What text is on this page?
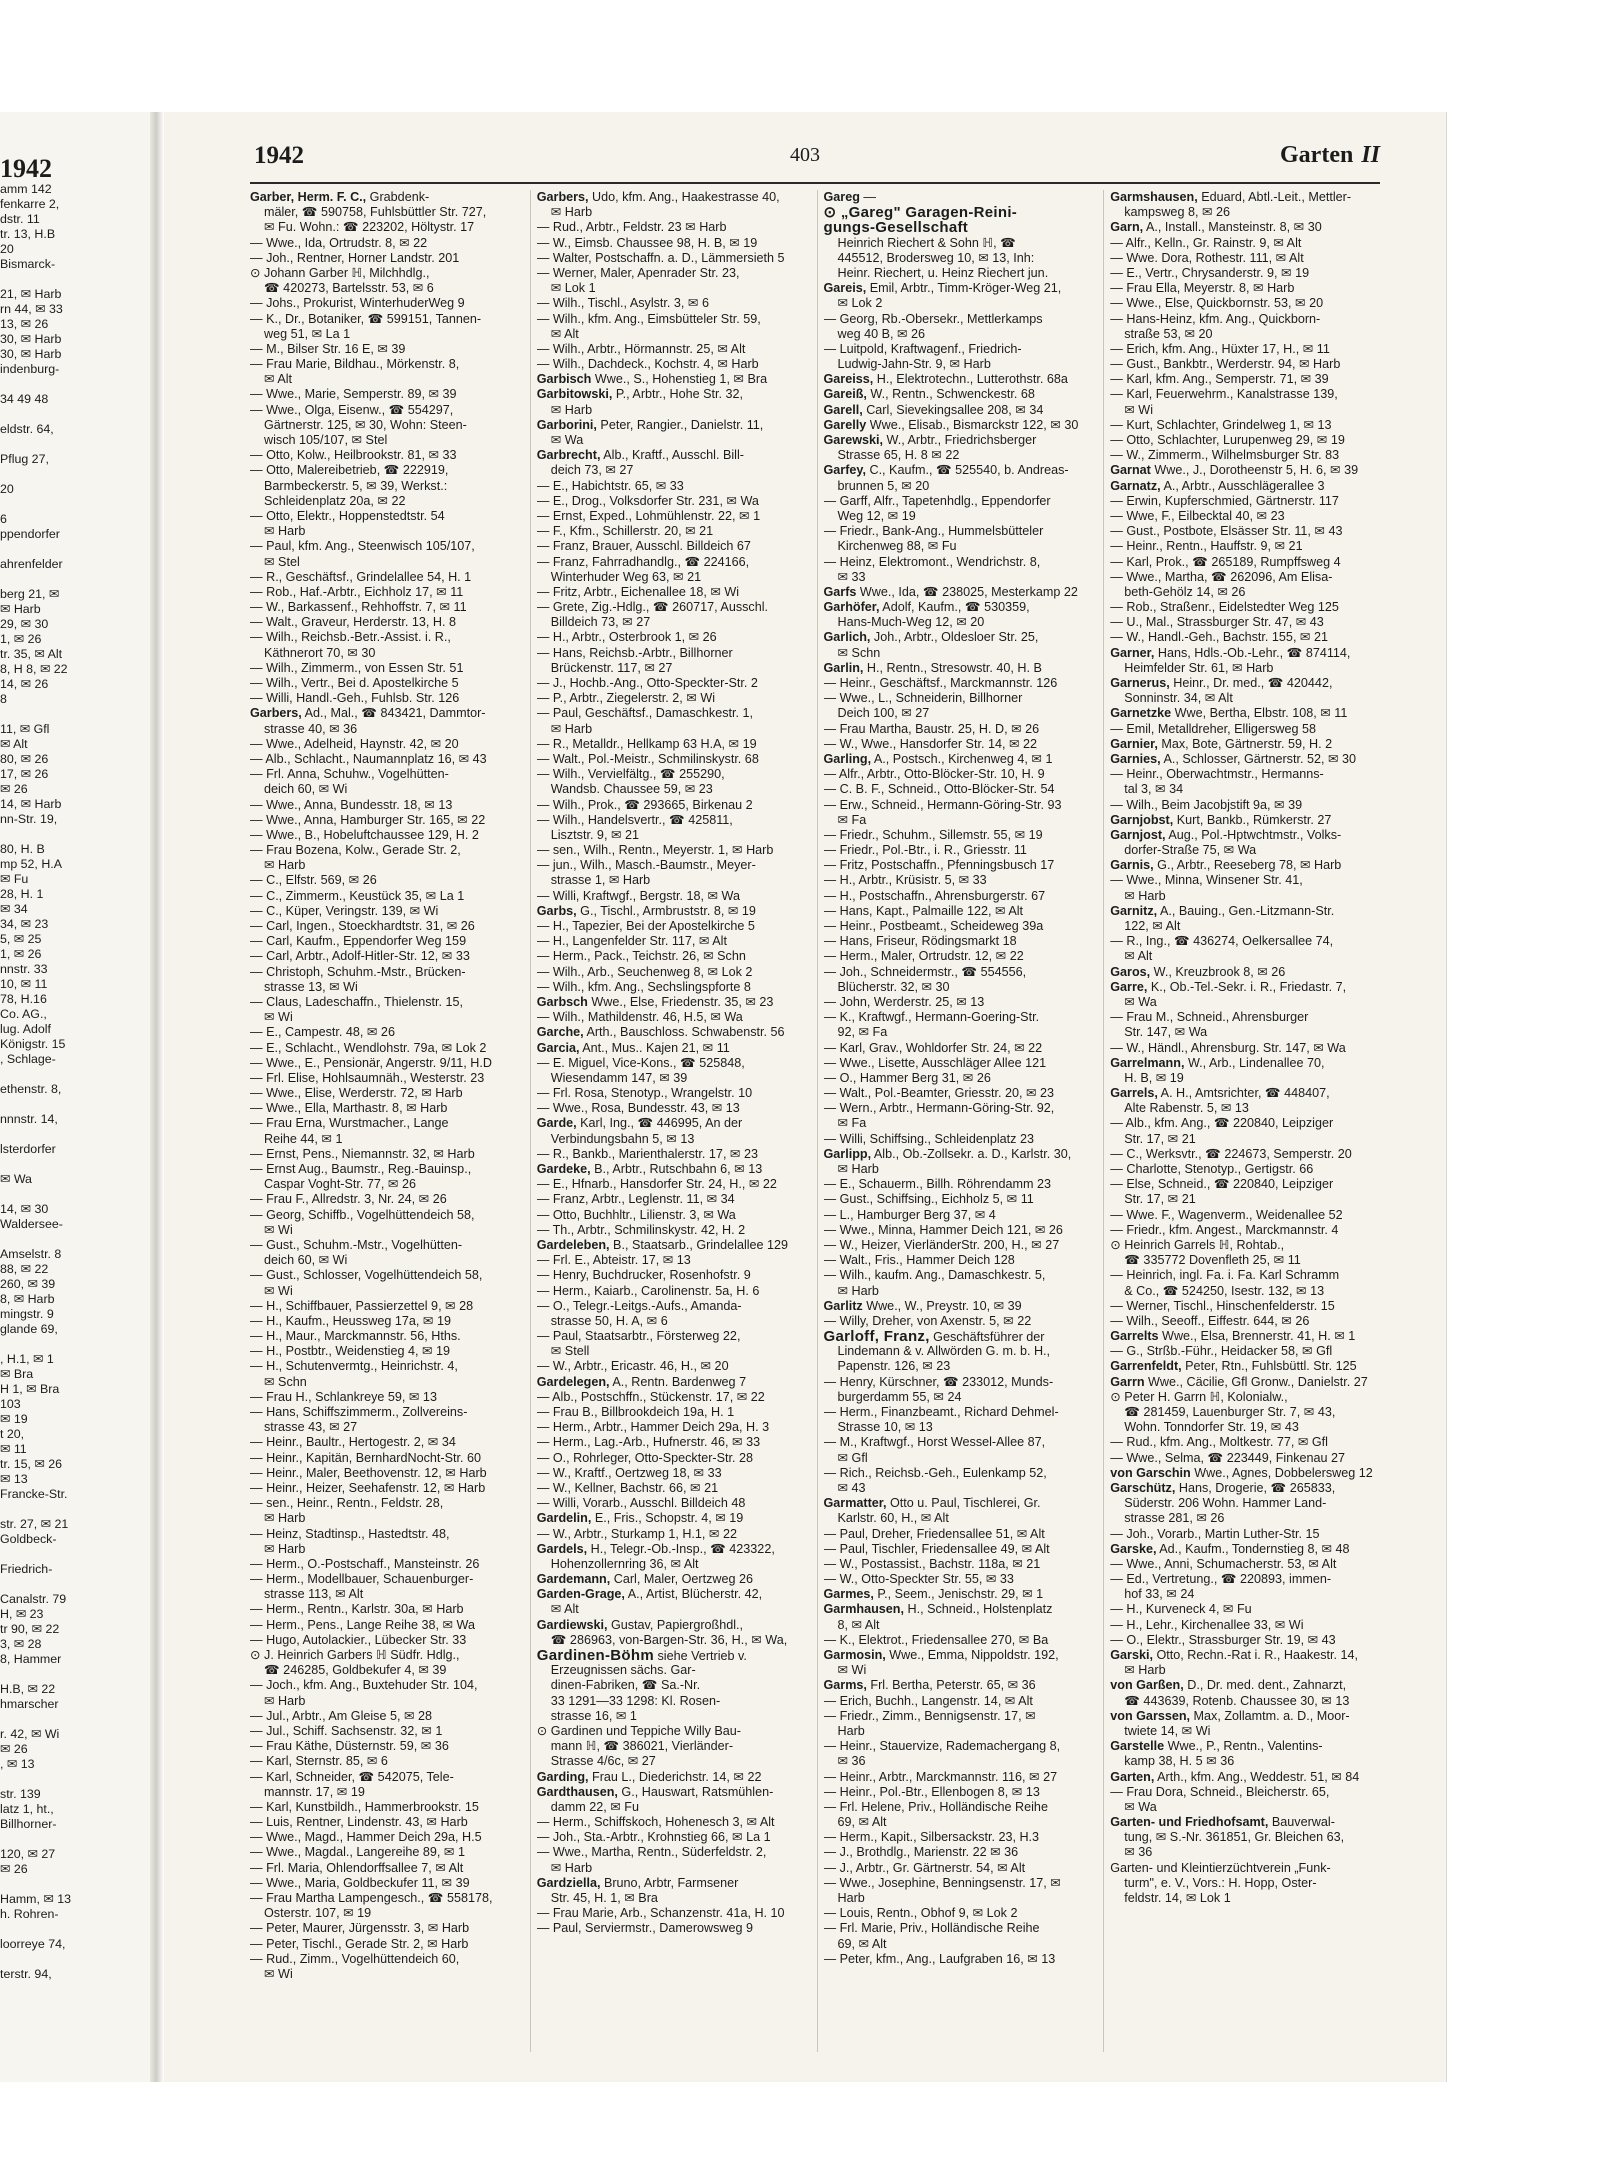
1942
amm 142
fenkarre 2,
dstr. 11
tr. 13, H.B
20
Bismarck-
21, ✉ Harb
rn 44, ✉ 33
13, ✉ 26
30, ✉ Harb
30, ✉ Harb
indenburg-
34 49 48
eldstr. 64,
Pflug 27,
20
6
ppendorfer
ahrenfelder
berg 21, ✉
✉ Harb
29, ✉ 30
1, ✉ 26
tr. 35, ✉ Alt
8, H 8, ✉ 22
14, ✉ 26
8
11, ✉ Gfl
✉ Alt
80, ✉ 26
17, ✉ 26
✉ 26
14, ✉ Harb
nn-Str. 19,
80, H. B
mp 52, H.A
✉ Fu
28, H. 1
✉ 34
34, ✉ 23
5, ✉ 25
1, ✉ 26
nnstr. 33
10, ✉ 11
78, H.16
Co. AG.,
lug. Adolf
Königstr. 15
, Schlage-
ethenstr. 8,
nnnstr. 14,
lsterdorfer
✉ Wa
14, ✉ 30
Waldersee-
Amselstr. 8
88, ✉ 22
260, ✉ 39
8, ✉ Harb
mingstr. 9
glande 69,
, H.1, ✉ 1
✉ Bra
H 1, ✉ Bra
103
✉ 19
t 20,
✉ 11
tr. 15, ✉ 26
✉ 13
Francke-Str.
str. 27, ✉ 21
Goldbeck-
Friedrich-
Canalstr. 79
H, ✉ 23
tr 90, ✉ 22
3, ✉ 28
8, Hammer
H.B, ✉ 22
hmarscher
r. 42, ✉ Wi
✉ 26
, ✉ 13
str. 139
latz 1, ht.,
Billhorner-
120, ✉ 27
✉ 26
Hamm, ✉ 13
h. Rohren-
loorreye 74,
terstr. 94,
1942	403	Garten II
Garber, Herm. F. C., Grabdenk-
mäler, ☎ 590758, Fuhlsbüttler Str. 727,
✉ Fu. Wohn.: ☎ 223202, Höltystr. 17
— Wwe., Ida, Ortrudstr. 8, ✉ 22
— Joh., Rentner, Horner Landstr. 201
⊙ Johann Garber ℍ, Milchhdlg.,
☎ 420273, Bartelsstr. 53, ✉ 6
— Johs., Prokurist, WinterhuderWeg 9
— K., Dr., Botaniker, ☎ 599151, Tannen-
weg 51, ✉ La 1
— M., Bilser Str. 16 E, ✉ 39
— Frau Marie, Bildhau., Mörkenstr. 8,
✉ Alt
— Wwe., Marie, Semperstr. 89, ✉ 39
— Wwe., Olga, Eisenw., ☎ 554297,
Gärtnerstr. 125, ✉ 30, Wohn: Steen-
wisch 105/107, ✉ Stel
— Otto, Kolw., Heilbrookstr. 81, ✉ 33
— Otto, Malereibetrieb, ☎ 222919,
Barmbeckerstr. 5, ✉ 39, Werkst.:
Schleidenplatz 20a, ✉ 22
— Otto, Elektr., Hoppenstedtstr. 54
✉ Harb
— Paul, kfm. Ang., Steenwisch 105/107,
✉ Stel
— R., Geschäftsf., Grindelallee 54, H. 1
— Rob., Haf.-Arbtr., Eichholz 17, ✉ 11
— W., Barkassenf., Rehhoffstr. 7, ✉ 11
— Walt., Graveur, Herderstr. 13, H. 8
— Wilh., Reichsb.-Betr.-Assist. i. R.,
Käthnerort 70, ✉ 30
— Wilh., Zimmerm., von Essen Str. 51
— Wilh., Vertr., Bei d. Apostelkirche 5
— Willi, Handl.-Geh., Fuhlsb. Str. 126
Garbers, Ad., Mal., ☎ 843421, Dammtor-
strasse 40, ✉ 36
— Wwe., Adelheid, Haynstr. 42, ✉ 20
— Alb., Schlacht., Naumannplatz 16, ✉ 43
— Frl. Anna, Schuhw., Vogelhütten-
deich 60, ✉ Wi
— Wwe., Anna, Bundesstr. 18, ✉ 13
— Wwe., Anna, Hamburger Str. 165, ✉ 22
— Wwe., B., Hobeluftchaussee 129, H. 2
— Frau Bozena, Kolw., Gerade Str. 2,
✉ Harb
— C., Elfstr. 569, ✉ 26
— C., Zimmerm., Keustück 35, ✉ La 1
— C., Küper, Veringstr. 139, ✉ Wi
— Carl, Ingen., Stoeckhardtstr. 31, ✉ 26
— Carl, Kaufm., Eppendorfer Weg 159
— Carl, Arbtr., Adolf-Hitler-Str. 12, ✉ 33
— Christoph, Schuhm.-Mstr., Brücken-
strasse 13, ✉ Wi
— Claus, Ladeschaffn., Thielenstr. 15,
✉ Wi
— E., Campestr. 48, ✉ 26
— E., Schlacht., Wendlohstr. 79a, ✉ Lok 2
— Wwe., E., Pensionär, Angerstr. 9/11, H.D
— Frl. Elise, Hohlsaumnäh., Westerstr. 23
— Wwe., Elise, Werderstr. 72, ✉ Harb
— Wwe., Ella, Marthastr. 8, ✉ Harb
— Frau Erna, Wurstmacher., Lange
Reihe 44, ✉ 1
— Ernst, Pens., Niemannstr. 32, ✉ Harb
— Ernst Aug., Baumstr., Reg.-Bauinsp.,
Caspar Voght-Str. 77, ✉ 26
— Frau F., Allredstr. 3, Nr. 24, ✉ 26
— Georg, Schiffb., Vogelhüttendeich 58,
✉ Wi
— Gust., Schuhm.-Mstr., Vogelhütten-
deich 60, ✉ Wi
— Gust., Schlosser, Vogelhüttendeich 58,
✉ Wi
— H., Schiffbauer, Passierzettel 9, ✉ 28
— H., Kaufm., Heussweg 17a, ✉ 19
— H., Maur., Marckmannstr. 56, Hths.
— H., Postbtr., Weidenstieg 4, ✉ 19
— H., Schutenvermtg., Heinrichstr. 4,
✉ Schn
— Frau H., Schlankreye 59, ✉ 13
— Hans, Schiffszimmerm., Zollvereins-
strasse 43, ✉ 27
— Heinr., Baultr., Hertogestr. 2, ✉ 34
— Heinr., Kapitän, BernhardNocht-Str. 60
— Heinr., Maler, Beethovenstr. 12, ✉ Harb
— Heinr., Heizer, Seehafenstr. 12, ✉ Harb
— sen., Heinr., Rentn., Feldstr. 28,
✉ Harb
— Heinz, Stadtinsp., Hastedtstr. 48,
✉ Harb
— Herm., O.-Postschaff., Mansteinstr. 26
— Herm., Modellbauer, Schauenburger-
strasse 113, ✉ Alt
— Herm., Rentn., Karlstr. 30a, ✉ Harb
— Herm., Pens., Lange Reihe 38, ✉ Wa
— Hugo, Autolackier., Lübecker Str. 33
⊙ J. Heinrich Garbers ℍ Südfr. Hdlg.,
☎ 246285, Goldbekufer 4, ✉ 39
— Joch., kfm. Ang., Buxtehuder Str. 104,
✉ Harb
— Jul., Arbtr., Am Gleise 5, ✉ 28
— Jul., Schiff. Sachsenstr. 32, ✉ 1
— Frau Käthe, Düsternstr. 59, ✉ 36
— Karl, Sternstr. 85, ✉ 6
— Karl, Schneider, ☎ 542075, Tele-
mannstr. 17, ✉ 19
— Karl, Kunstbildh., Hammerbrookstr. 15
— Luis, Rentner, Lindenstr. 43, ✉ Harb
— Wwe., Magd., Hammer Deich 29a, H.5
— Wwe., Magdal., Langereihe 89, ✉ 1
— Frl. Maria, Ohlendorffsallee 7, ✉ Alt
— Wwe., Maria, Goldbeckufer 11, ✉ 39
— Frau Martha Lampengesch., ☎ 558178,
Osterstr. 107, ✉ 19
— Peter, Maurer, Jürgensstr. 3, ✉ Harb
— Peter, Tischl., Gerade Str. 2, ✉ Harb
— Rud., Zimm., Vogelhüttendeich 60,
✉ Wi
Garbers, Udo, kfm. Ang., Haakestrasse 40,
✉ Harb
— Rud., Arbtr., Feldstr. 23 ✉ Harb
— W., Eimsb. Chaussee 98, H. B, ✉ 19
— Walter, Postschaffn. a. D., Lämmersieth 5
— Werner, Maler, Apenrader Str. 23,
✉ Lok 1
— Wilh., Tischl., Asylstr. 3, ✉ 6
— Wilh., kfm. Ang., Eimsbütteler Str. 59,
✉ Alt
— Wilh., Arbtr., Hörmannstr. 25, ✉ Alt
— Wilh., Dachdeck., Kochstr. 4, ✉ Harb
Garbisch Wwe., S., Hohenstieg 1, ✉ Bra
Garbitowski, P., Arbtr., Hohe Str. 32,
✉ Harb
Garborini, Peter, Rangier., Danielstr. 11,
✉ Wa
Garbrecht, Alb., Kraftf., Ausschl. Bill-
deich 73, ✉ 27
— E., Habichtstr. 65, ✉ 33
— E., Drog., Volksdorfer Str. 231, ✉ Wa
— Ernst, Exped., Lohmühlenstr. 22, ✉ 1
— F., Kfm., Schillerstr. 20, ✉ 21
— Franz, Brauer, Ausschl. Billdeich 67
— Franz, Fahrradhandlg., ☎ 224166,
Winterhuder Weg 63, ✉ 21
— Fritz, Arbtr., Eichenallee 18, ✉ Wi
— Grete, Zig.-Hdlg., ☎ 260717, Ausschl.
Billdeich 73, ✉ 27
— H., Arbtr., Osterbrook 1, ✉ 26
— Hans, Reichsb.-Arbtr., Billhorner
Brückenstr. 117, ✉ 27
— J., Hochb.-Ang., Otto-Speckter-Str. 2
— P., Arbtr., Ziegelerstr. 2, ✉ Wi
— Paul, Geschäftsf., Damaschkestr. 1,
✉ Harb
— R., Metalldr., Hellkamp 63 H.A, ✉ 19
— Walt., Pol.-Meistr., Schmilinskystr. 68
— Wilh., Vervielfältg., ☎ 255290,
Wandsb. Chaussee 59, ✉ 23
— Wilh., Prok., ☎ 293665, Birkenau 2
— Wilh., Handelsvertr., ☎ 425811,
Lisztstr. 9, ✉ 21
— sen., Wilh., Rentn., Meyerstr. 1, ✉ Harb
— jun., Wilh., Masch.-Baumstr., Meyer-
strasse 1, ✉ Harb
— Willi, Kraftwgf., Bergstr. 18, ✉ Wa
Garbs, G., Tischl., Armbruststr. 8, ✉ 19
— H., Tapezier, Bei der Apostelkirche 5
— H., Langenfelder Str. 117, ✉ Alt
— Herm., Pack., Teichstr. 26, ✉ Schn
— Wilh., Arb., Seuchenweg 8, ✉ Lok 2
— Wilh., kfm. Ang., Sechslingspforte 8
Garbsch Wwe., Else, Friedenstr. 35, ✉ 23
— Wilh., Mathildenstr. 46, H.5, ✉ Wa
Garche, Arth., Bauschloss. Schwabenstr. 56
Garcia, Ant., Mus.. Kajen 21, ✉ 11
— E. Miguel, Vice-Kons., ☎ 525848,
Wiesendamm 147, ✉ 39
— Frl. Rosa, Stenotyp., Wrangelstr. 10
— Wwe., Rosa, Bundesstr. 43, ✉ 13
Garde, Karl, Ing., ☎ 446995, An der
Verbindungsbahn 5, ✉ 13
— R., Bankb., Marienthalerstr. 17, ✉ 23
Gardeke, B., Arbtr., Rutschbahn 6, ✉ 13
— E., Hfnarb., Hansdorfer Str. 24, H., ✉ 22
— Franz, Arbtr., Leglenstr. 11, ✉ 34
— Otto, Buchhltr., Lilienstr. 3, ✉ Wa
— Th., Arbtr., Schmilinskystr. 42, H. 2
Gardeleben, B., Staatsarb., Grindelallee 129
— Frl. E., Abteistr. 17, ✉ 13
— Henry, Buchdrucker, Rosenhofstr. 9
— Herm., Kaiarb., Carolinenstr. 5a, H. 6
— O., Telegr.-Leitgs.-Aufs., Amanda-
strasse 50, H. A, ✉ 6
— Paul, Staatsarbtr., Försterweg 22,
✉ Stell
— W., Arbtr., Ericastr. 46, H., ✉ 20
Gardelegen, A., Rentn. Bardenweg 7
— Alb., Postschffn., Stückenstr. 17, ✉ 22
— Frau B., Billbrookdeich 19a, H. 1
— Herm., Arbtr., Hammer Deich 29a, H. 3
— Herm., Lag.-Arb., Hufnerstr. 46, ✉ 33
— O., Rohrleger, Otto-Speckter-Str. 28
— W., Kraftf., Oertzweg 18, ✉ 33
— W., Kellner, Bachstr. 66, ✉ 21
— Willi, Vorarb., Ausschl. Billdeich 48
Gardelin, E., Fris., Schopstr. 4, ✉ 19
— W., Arbtr., Sturkamp 1, H.1, ✉ 22
Gardels, H., Telegr.-Ob.-Insp., ☎ 423322,
Hohenzollernring 36, ✉ Alt
Gardemann, Carl, Maler, Oertzweg 26
Garden-Grage, A., Artist, Blücherstr. 42,
✉ Alt
Gardiewski, Gustav, Papiergroßhdl.,
☎ 286963, von-Bargen-Str. 36, H., ✉ Wa,
Gardinen-Böhm siehe Vertrieb v.
Erzeugnissen sächs. Gar-
dinen-Fabriken, ☎ Sa.-Nr.
33 1291—33 1298: Kl. Rosen-
strasse 16, ✉ 1
⊙ Gardinen und Teppiche Willy Bau-
mann ℍ, ☎ 386021, Vierländer-
Strasse 4/6c, ✉ 27
Garding, Frau L., Diederichstr. 14, ✉ 22
Gardthausen, G., Hauswart, Ratsmühlen-
damm 22, ✉ Fu
— Herm., Schiffskoch, Hohenesch 3, ✉ Alt
— Joh., Sta.-Arbtr., Krohnstieg 66, ✉ La 1
— Wwe., Martha, Rentn., Süderfeldstr. 2,
✉ Harb
Gardziella, Bruno, Arbtr, Farmsener
Str. 45, H. 1, ✉ Bra
— Frau Marie, Arb., Schanzenstr. 41a, H. 10
— Paul, Serviermstr., Damerowsweg 9
Gareg —
⊙ „Gareg" Garagen-Reini-
gungs-Gesellschaft
Heinrich Riechert & Sohn ℍ, ☎
445512, Brodersweg 10, ✉ 13, Inh:
Heinr. Riechert, u. Heinz Riechert jun.
Gareis, Emil, Arbtr., Timm-Kröger-Weg 21,
✉ Lok 2
— Georg, Rb.-Obersekr., Mettlerkamps
weg 40 B, ✉ 26
— Luitpold, Kraftwagenf., Friedrich-
Ludwig-Jahn-Str. 9, ✉ Harb
Gareiss, H., Elektrotechn., Lutterothstr. 68a
Gareiß, W., Rentn., Schwenckestr. 68
Garell, Carl, Sievekingsallee 208, ✉ 34
Garelly Wwe., Elisab., Bismarckstr 122, ✉ 30
Garewski, W., Arbtr., Friedrichsberger
Strasse 65, H. 8 ✉ 22
Garfey, C., Kaufm., ☎ 525540, b. Andreas-
brunnen 5, ✉ 20
— Garff, Alfr., Tapetenhdlg., Eppendorfer
Weg 12, ✉ 19
— Friedr., Bank-Ang., Hummelsbütteler
Kirchenweg 88, ✉ Fu
— Heinz, Elektromont., Wendrichstr. 8,
✉ 33
Garfs Wwe., Ida, ☎ 238025, Mesterkamp 22
Garhöfer, Adolf, Kaufm., ☎ 530359,
Hans-Much-Weg 12, ✉ 20
Garlich, Joh., Arbtr., Oldesloer Str. 25,
✉ Schn
Garlin, H., Rentn., Stresowstr. 40, H. B
— Heinr., Geschäftsf., Marckmannstr. 126
— Wwe., L., Schneiderin, Billhorner
Deich 100, ✉ 27
— Frau Martha, Baustr. 25, H. D, ✉ 26
— W., Wwe., Hansdorfer Str. 14, ✉ 22
Garling, A., Postsch., Kirchenweg 4, ✉ 1
— Alfr., Arbtr., Otto-Blöcker-Str. 10, H. 9
— C. B. F., Schneid., Otto-Blöcker-Str. 54
— Erw., Schneid., Hermann-Göring-Str. 93
✉ Fa
— Friedr., Schuhm., Sillemstr. 55, ✉ 19
— Friedr., Pol.-Btr., i. R., Griesstr. 11
— Fritz, Postschaffn., Pfenningsbusch 17
— H., Arbtr., Krüsistr. 5, ✉ 33
— H., Postschaffn., Ahrensburgerstr. 67
— Hans, Kapt., Palmaille 122, ✉ Alt
— Heinr., Postbeamt., Scheideweg 39a
— Hans, Friseur, Rödingsmarkt 18
— Herm., Maler, Ortrudstr. 12, ✉ 22
— Joh., Schneidermstr., ☎ 554556,
Blücherstr. 32, ✉ 30
— John, Werderstr. 25, ✉ 13
— K., Kraftwgf., Hermann-Goering-Str.
92, ✉ Fa
— Karl, Grav., Wohldorfer Str. 24, ✉ 22
— Wwe., Lisette, Ausschläger Allee 121
— O., Hammer Berg 31, ✉ 26
— Walt., Pol.-Beamter, Griesstr. 20, ✉ 23
— Wern., Arbtr., Hermann-Göring-Str. 92,
✉ Fa
— Willi, Schiffsing., Schleidenplatz 23
Garlipp, Alb., Ob.-Zollsekr. a. D., Karlstr. 30,
✉ Harb
— E., Schauerm., Billh. Röhrendamm 23
— Gust., Schiffsing., Eichholz 5, ✉ 11
— L., Hamburger Berg 37, ✉ 4
— Wwe., Minna, Hammer Deich 121, ✉ 26
— W., Heizer, VierländerStr. 200, H., ✉ 27
— Walt., Fris., Hammer Deich 128
— Wilh., kaufm. Ang., Damaschkestr. 5,
✉ Harb
Garlitz Wwe., W., Preystr. 10, ✉ 39
— Willy, Dreher, von Axenstr. 5, ✉ 22
Garloff, Franz, Geschäftsführer der
Lindemann & v. Allwörden G. m. b. H.,
Papenstr. 126, ✉ 23
— Henry, Kürschner, ☎ 233012, Munds-
burgerdamm 55, ✉ 24
— Herm., Finanzbeamt., Richard Dehmel-
Strasse 10, ✉ 13
— M., Kraftwgf., Horst Wessel-Allee 87,
✉ Gfl
— Rich., Reichsb.-Geh., Eulenkamp 52,
✉ 43
Garmatter, Otto u. Paul, Tischlerei, Gr.
Karlstr. 60, H., ✉ Alt
— Paul, Dreher, Friedensallee 51, ✉ Alt
— Paul, Tischler, Friedensallee 49, ✉ Alt
— W., Postassist., Bachstr. 118a, ✉ 21
— W., Otto-Speckter Str. 55, ✉ 33
Garmes, P., Seem., Jenischstr. 29, ✉ 1
Garmhausen, H., Schneid., Holstenplatz
8, ✉ Alt
— K., Elektrot., Friedensallee 270, ✉ Ba
Garmosin, Wwe., Emma, Nippoldstr. 192,
✉ Wi
Garms, Frl. Bertha, Peterstr. 65, ✉ 36
— Erich, Buchh., Langenstr. 14, ✉ Alt
— Friedr., Zimm., Bennigsenstr. 17, ✉
Harb
— Heinr., Stauervize, Rademachergang 8,
✉ 36
— Heinr., Arbtr., Marckmannstr. 116, ✉ 27
— Heinr., Pol.-Btr., Ellenbogen 8, ✉ 13
— Frl. Helene, Priv., Holländische Reihe
69, ✉ Alt
— Herm., Kapit., Silbersackstr. 23, H.3
— J., Brothdlg., Marienstr. 22 ✉ 36
— J., Arbtr., Gr. Gärtnerstr. 54, ✉ Alt
— Wwe., Josephine, Benningsenstr. 17, ✉
Harb
— Louis, Rentn., Obhof 9, ✉ Lok 2
— Frl. Marie, Priv., Holländische Reihe
69, ✉ Alt
— Peter, kfm., Ang., Laufgraben 16, ✉ 13
Garmshausen, Eduard, Abtl.-Leit., Mettler-
kampsweg 8, ✉ 26
Garn, A., Install., Mansteinstr. 8, ✉ 30
— Alfr., Kelln., Gr. Rainstr. 9, ✉ Alt
— Wwe. Dora, Rothestr. 111, ✉ Alt
— E., Vertr., Chrysanderstr. 9, ✉ 19
— Frau Ella, Meyerstr. 8, ✉ Harb
— Wwe., Else, Quickbornstr. 53, ✉ 20
— Hans-Heinz, kfm. Ang., Quickborn-
straße 53, ✉ 20
— Erich, kfm. Ang., Hüxter 17, H., ✉ 11
— Gust., Bankbtr., Werderstr. 94, ✉ Harb
— Karl, kfm. Ang., Semperstr. 71, ✉ 39
— Karl, Feuerwehrm., Kanalstrasse 139,
✉ Wi
— Kurt, Schlachter, Grindelweg 1, ✉ 13
— Otto, Schlachter, Lurupenweg 29, ✉ 19
— W., Zimmerm., Wilhelmsburger Str. 83
Garnat Wwe., J., Dorotheenstr 5, H. 6, ✉ 39
Garnatz, A., Arbtr., Ausschlägerallee 3
— Erwin, Kupferschmied, Gärtnerstr. 117
— Wwe, F., Eilbecktal 40, ✉ 23
— Gust., Postbote, Elsässer Str. 11, ✉ 43
— Heinr., Rentn., Hauffstr. 9, ✉ 21
— Karl, Prok., ☎ 265189, Rumpffsweg 4
— Wwe., Martha, ☎ 262096, Am Elisa-
beth-Gehölz 14, ✉ 26
— Rob., Straßenr., Eidelstedter Weg 125
— U., Mal., Strassburger Str. 47, ✉ 43
— W., Handl.-Geh., Bachstr. 155, ✉ 21
Garner, Hans, Hdls.-Ob.-Lehr., ☎ 874114,
Heimfelder Str. 61, ✉ Harb
Garnerus, Heinr., Dr. med., ☎ 420442,
Sonninstr. 34, ✉ Alt
Garnetzke Wwe, Bertha, Elbstr. 108, ✉ 11
— Emil, Metalldreher, Elligersweg 58
Garnier, Max, Bote, Gärtnerstr. 59, H. 2
Garnies, A., Schlosser, Gärtnerstr. 52, ✉ 30
— Heinr., Oberwachtmstr., Hermanns-
tal 3, ✉ 34
— Wilh., Beim Jacobjstift 9a, ✉ 39
Garnjobst, Kurt, Bankb., Rümkerstr. 27
Garnjost, Aug., Pol.-Hptwchtmstr., Volks-
dorfer-Straße 75, ✉ Wa
Garnis, G., Arbtr., Reeseberg 78, ✉ Harb
— Wwe., Minna, Winsener Str. 41,
✉ Harb
Garnitz, A., Bauing., Gen.-Litzmann-Str.
122, ✉ Alt
— R., Ing., ☎ 436274, Oelkersallee 74,
✉ Alt
Garos, W., Kreuzbrook 8, ✉ 26
Garre, K., Ob.-Tel.-Sekr. i. R., Friedastr. 7,
✉ Wa
— Frau M., Schneid., Ahrensburger
Str. 147, ✉ Wa
— W., Händl., Ahrensburg. Str. 147, ✉ Wa
Garrelmann, W., Arb., Lindenallee 70,
H. B, ✉ 19
Garrels, A. H., Amtsrichter, ☎ 448407,
Alte Rabenstr. 5, ✉ 13
— Alb., kfm. Ang., ☎ 220840, Leipziger
Str. 17, ✉ 21
— C., Werksvtr., ☎ 224673, Semperstr. 20
— Charlotte, Stenotyp., Gertigstr. 66
— Else, Schneid., ☎ 220840, Leipziger
Str. 17, ✉ 21
— Wwe. F., Wagenverm., Weidenallee 52
— Friedr., kfm. Angest., Marckmannstr. 4
⊙ Heinrich Garrels ℍ, Rohtab.,
☎ 335772 Dovenfleth 25, ✉ 11
— Heinrich, ingl. Fa. i. Fa. Karl Schramm
& Co., ☎ 524250, Isestr. 132, ✉ 13
— Werner, Tischl., Hinschenfelderstr. 15
— Wilh., Seeoff., Eiffestr. 644, ✉ 26
Garrelts Wwe., Elsa, Brennerstr. 41, H. ✉ 1
— G., Strßb.-Führ., Heidacker 58, ✉ Gfl
Garrenfeldt, Peter, Rtn., Fuhlsbüttl. Str. 125
Garrn Wwe., Cäcilie, Gfl Gronw., Danielstr. 27
⊙ Peter H. Garrn ℍ, Kolonialw.,
☎ 281459, Lauenburger Str. 7, ✉ 43,
Wohn. Tonndorfer Str. 19, ✉ 43
— Rud., kfm. Ang., Moltkestr. 77, ✉ Gfl
— Wwe., Selma, ☎ 223449, Finkenau 27
von Garschin Wwe., Agnes, Dobbelersweg 12
Garschütz, Hans, Drogerie, ☎ 265833,
Süderstr. 206 Wohn. Hammer Land-
strasse 281, ✉ 26
— Joh., Vorarb., Martin Luther-Str. 15
Garske, Ad., Kaufm., Tondernstieg 8, ✉ 48
— Wwe., Anni, Schumacherstr. 53, ✉ Alt
— Ed., Vertretung., ☎ 220893, immen-
hof 33, ✉ 24
— H., Kurveneck 4, ✉ Fu
— H., Lehr., Kirchenallee 33, ✉ Wi
— O., Elektr., Strassburger Str. 19, ✉ 43
Garski, Otto, Rechn.-Rat i. R., Haakestr. 14,
✉ Harb
von Garßen, D., Dr. med. dent., Zahnarzt,
☎ 443639, Rotenb. Chaussee 30, ✉ 13
von Garssen, Max, Zollamtm. a. D., Moor-
twiete 14, ✉ Wi
Garstelle Wwe., P., Rentn., Valentins-
kamp 38, H. 5 ✉ 36
Garten, Arth., kfm. Ang., Weddestr. 51, ✉ 84
— Frau Dora, Schneid., Bleicherstr. 65,
✉ Wa
Garten- und Friedhofsamt, Bauverwal-
tung, ✉ S.-Nr. 361851, Gr. Bleichen 63,
✉ 36
Garten- und Kleintierzüchtverein „Funk-
turm", e. V., Vors.: H. Hopp, Oster-
feldstr. 14, ✉ Lok 1
